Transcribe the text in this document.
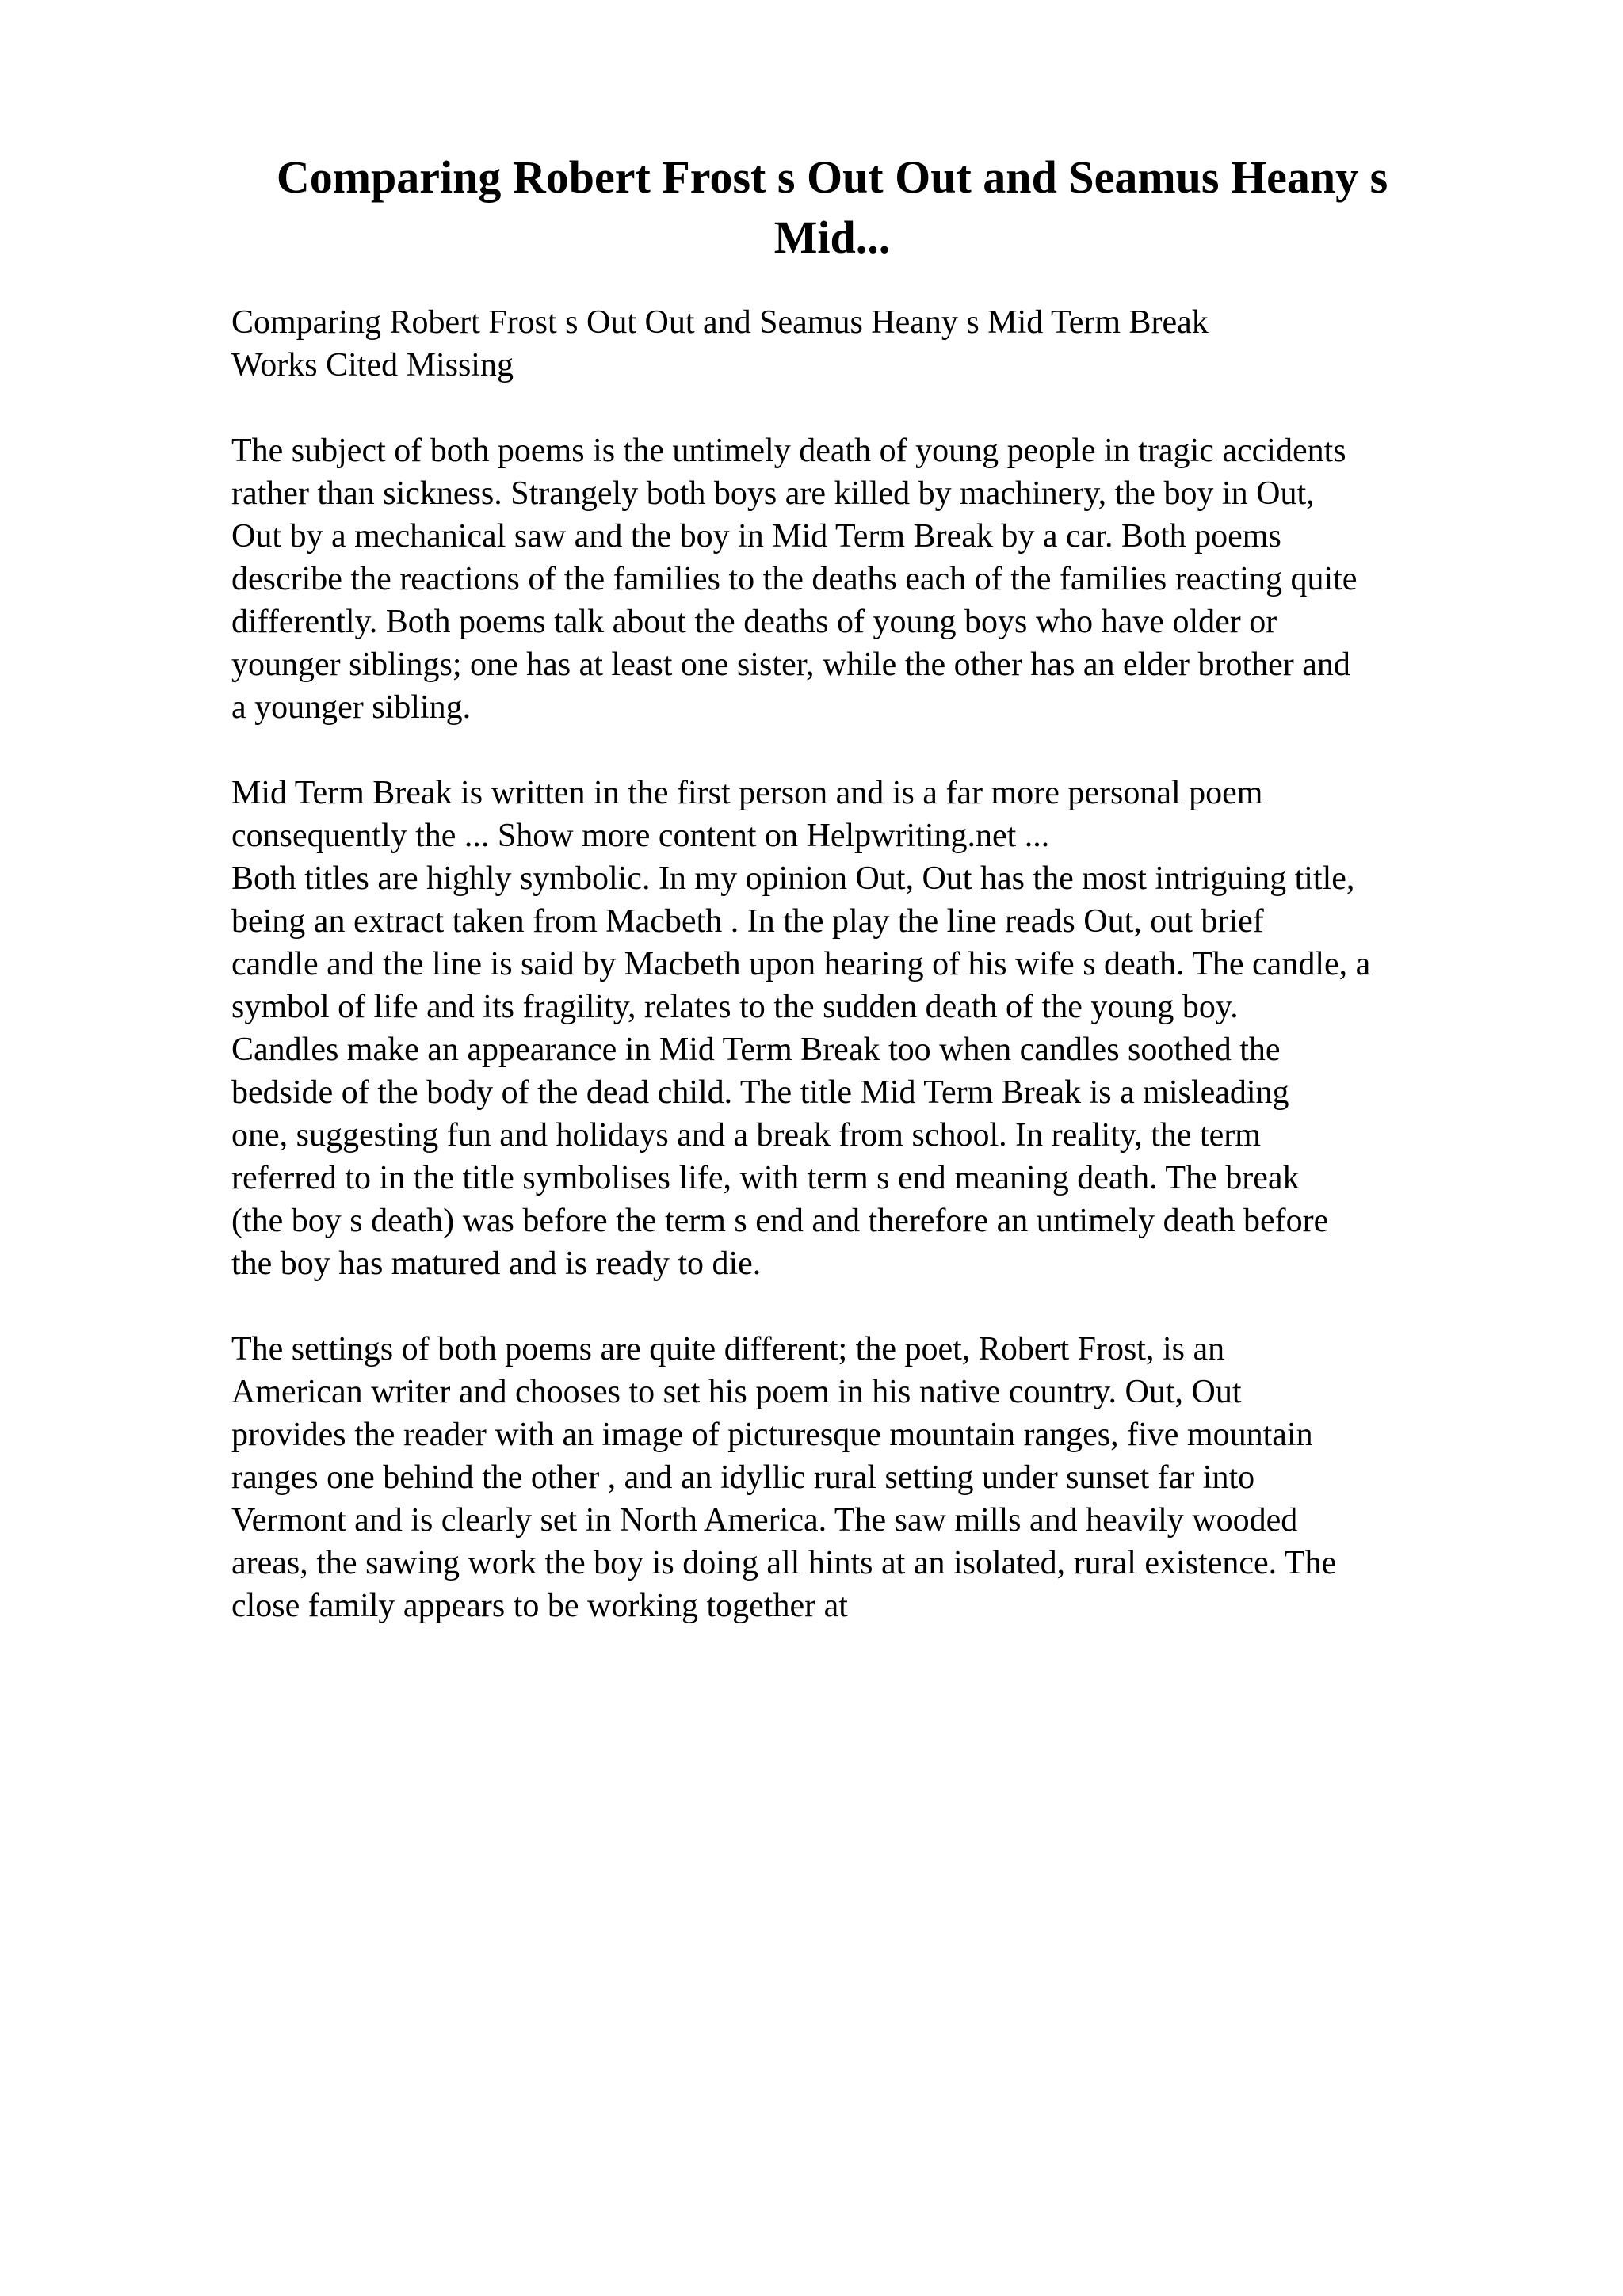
Comparing Robert Frost s Out Out and Seamus Heany s
Mid...
Comparing Robert Frost s Out Out and Seamus Heany s Mid Term Break
Works Cited Missing
The subject of both poems is the untimely death of young people in tragic accidents
rather than sickness. Strangely both boys are killed by machinery, the boy in Out,
Out by a mechanical saw and the boy in Mid Term Break by a car. Both poems
describe the reactions of the families to the deaths each of the families reacting quite
differently. Both poems talk about the deaths of young boys who have older or
younger siblings; one has at least one sister, while the other has an elder brother and
a younger sibling.
Mid Term Break is written in the first person and is a far more personal poem
consequently the ... Show more content on Helpwriting.net ...
Both titles are highly symbolic. In my opinion Out, Out has the most intriguing title,
being an extract taken from Macbeth . In the play the line reads Out, out brief
candle and the line is said by Macbeth upon hearing of his wife s death. The candle, a
symbol of life and its fragility, relates to the sudden death of the young boy.
Candles make an appearance in Mid Term Break too when candles soothed the
bedside of the body of the dead child. The title Mid Term Break is a misleading
one, suggesting fun and holidays and a break from school. In reality, the term
referred to in the title symbolises life, with term s end meaning death. The break
(the boy s death) was before the term s end and therefore an untimely death before
the boy has matured and is ready to die.
The settings of both poems are quite different; the poet, Robert Frost, is an
American writer and chooses to set his poem in his native country. Out, Out
provides the reader with an image of picturesque mountain ranges, five mountain
ranges one behind the other , and an idyllic rural setting under sunset far into
Vermont and is clearly set in North America. The saw mills and heavily wooded
areas, the sawing work the boy is doing all hints at an isolated, rural existence. The
close family appears to be working together at
